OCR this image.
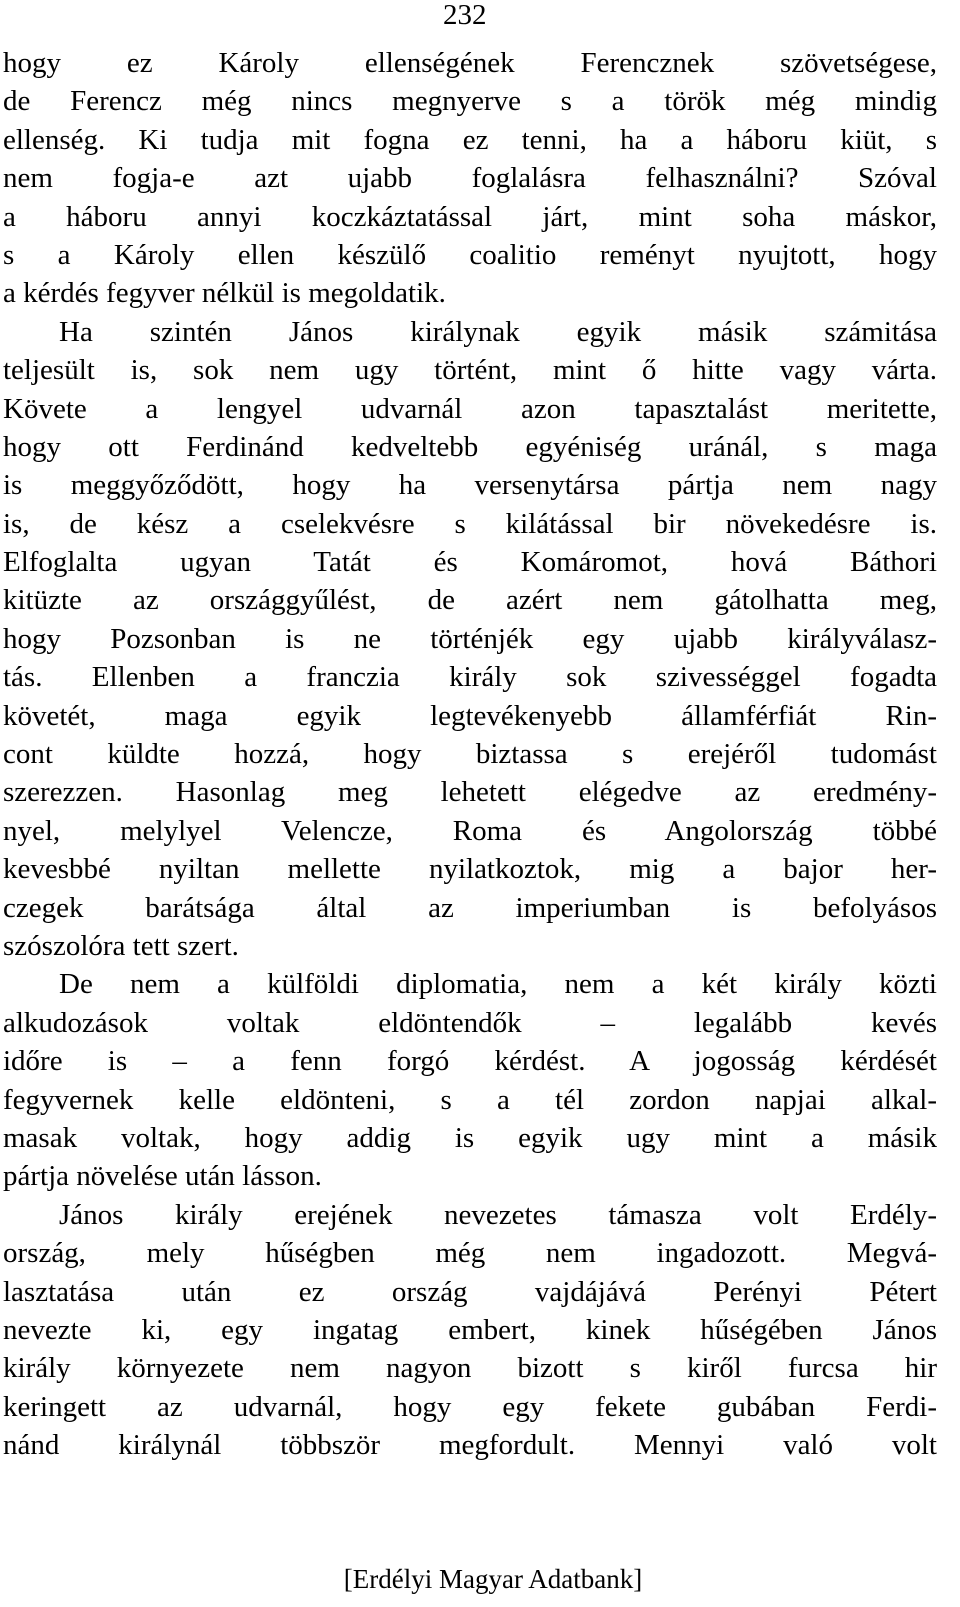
232

hogy ez Károly ellenségének Ferencznek szövetségese,

de Ferencz még nincs megnyerve s a török még mindig

ellenség. Ki tudja mit fogna ez tenni, ha a háboru kiüt, s

nem fogja-e azt ujabb foglalásra felhasználni? Szóval

a háboru annyi koczkáztatással járt, mint soha máskor,

s a Károly ellen készülő coalitio reményt nyujtott, hogy

a kérdés fegyver nélkül is megoldatik.

Ha szintén János királynak egyik másik számitása

teljesült is, sok nem ugy történt, mint ő hitte vagy várta.

Követe a lengyel udvarnál azon tapasztalást meritette,

hogy ott Ferdinánd kedveltebb egyéniség uránál, s maga

is meggyőződött, hogy ha versenytársa pártja nem nagy

is, de kész a cselekvésre s kilátással bir növekedésre is.

Elfoglalta ugyan Tatát és Komáromot, hová Báthori

kitüzte az országgyűlést, de azért nem gátolhatta meg,

hogy Pozsonban is ne történjék egy ujabb királyválasz-

tás. Ellenben a franczia király sok szivességgel fogadta

követét, maga egyik legtevékenyebb államférfiát Rin-

cont küldte hozzá, hogy biztassa s erejéről tudomást

szerezzen. Hasonlag meg lehetett elégedve az eredmény-

nyel, melylyel Velencze, Roma és Angolország többé

kevesbbé nyiltan mellette nyilatkoztok, mig a bajor her-

czegek barátsága által az imperiumban is befolyásos

szószolóra tett szert.

De nem a külföldi diplomatia, nem a két király közti

alkudozások voltak eldöntendők – legalább kevés

időre is – a fenn forgó kérdést. A jogosság kérdését

fegyvernek kelle eldönteni, s a tél zordon napjai alkal-

masak voltak, hogy addig is egyik ugy mint a másik

pártja növelése után lásson.

János király erejének nevezetes támasza volt Erdély-

ország, mely hűségben még nem ingadozott. Megvá-

lasztatása után ez ország vajdájává Perényi Pétert

nevezte ki, egy ingatag embert, kinek hűségében János

király környezete nem nagyon bizott s kiről furcsa hir

keringett az udvarnál, hogy egy fekete gubában Ferdi-

nánd királynál többször megfordult. Mennyi való volt

[Erdélyi Magyar Adatbank]
